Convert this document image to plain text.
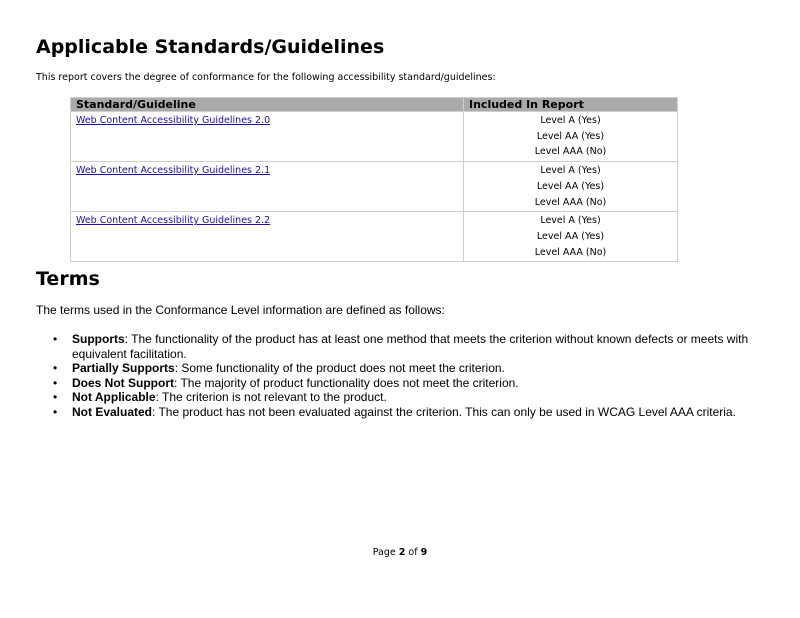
Applicable Standards/Guidelines
This report covers the degree of conformance for the following accessibility standard/guidelines:
Standard/Guideline	Included In Report
Web Content Accessibility Guidelines 2.0	Level A (Yes)
Level AA (Yes)
Level AAA (No)

Web Content Accessibility Guidelines 2.1	Level A (Yes)
Level AA (Yes)
Level AAA (No)

Web Content Accessibility Guidelines 2.2	Level A (Yes)
Level AA (Yes)
Level AAA (No)
Terms
The terms used in the Conformance Level information are defined as follows:
• Supports: The functionality of the product has at least one method that meets the criterion without known defects or meets with equivalent facilitation.
• Partially Supports: Some functionality of the product does not meet the criterion.
• Does Not Support: The majority of product functionality does not meet the criterion.
• Not Applicable: The criterion is not relevant to the product.
• Not Evaluated: The product has not been evaluated against the criterion. This can only be used in WCAG Level AAA criteria.
Page 2 of 9
